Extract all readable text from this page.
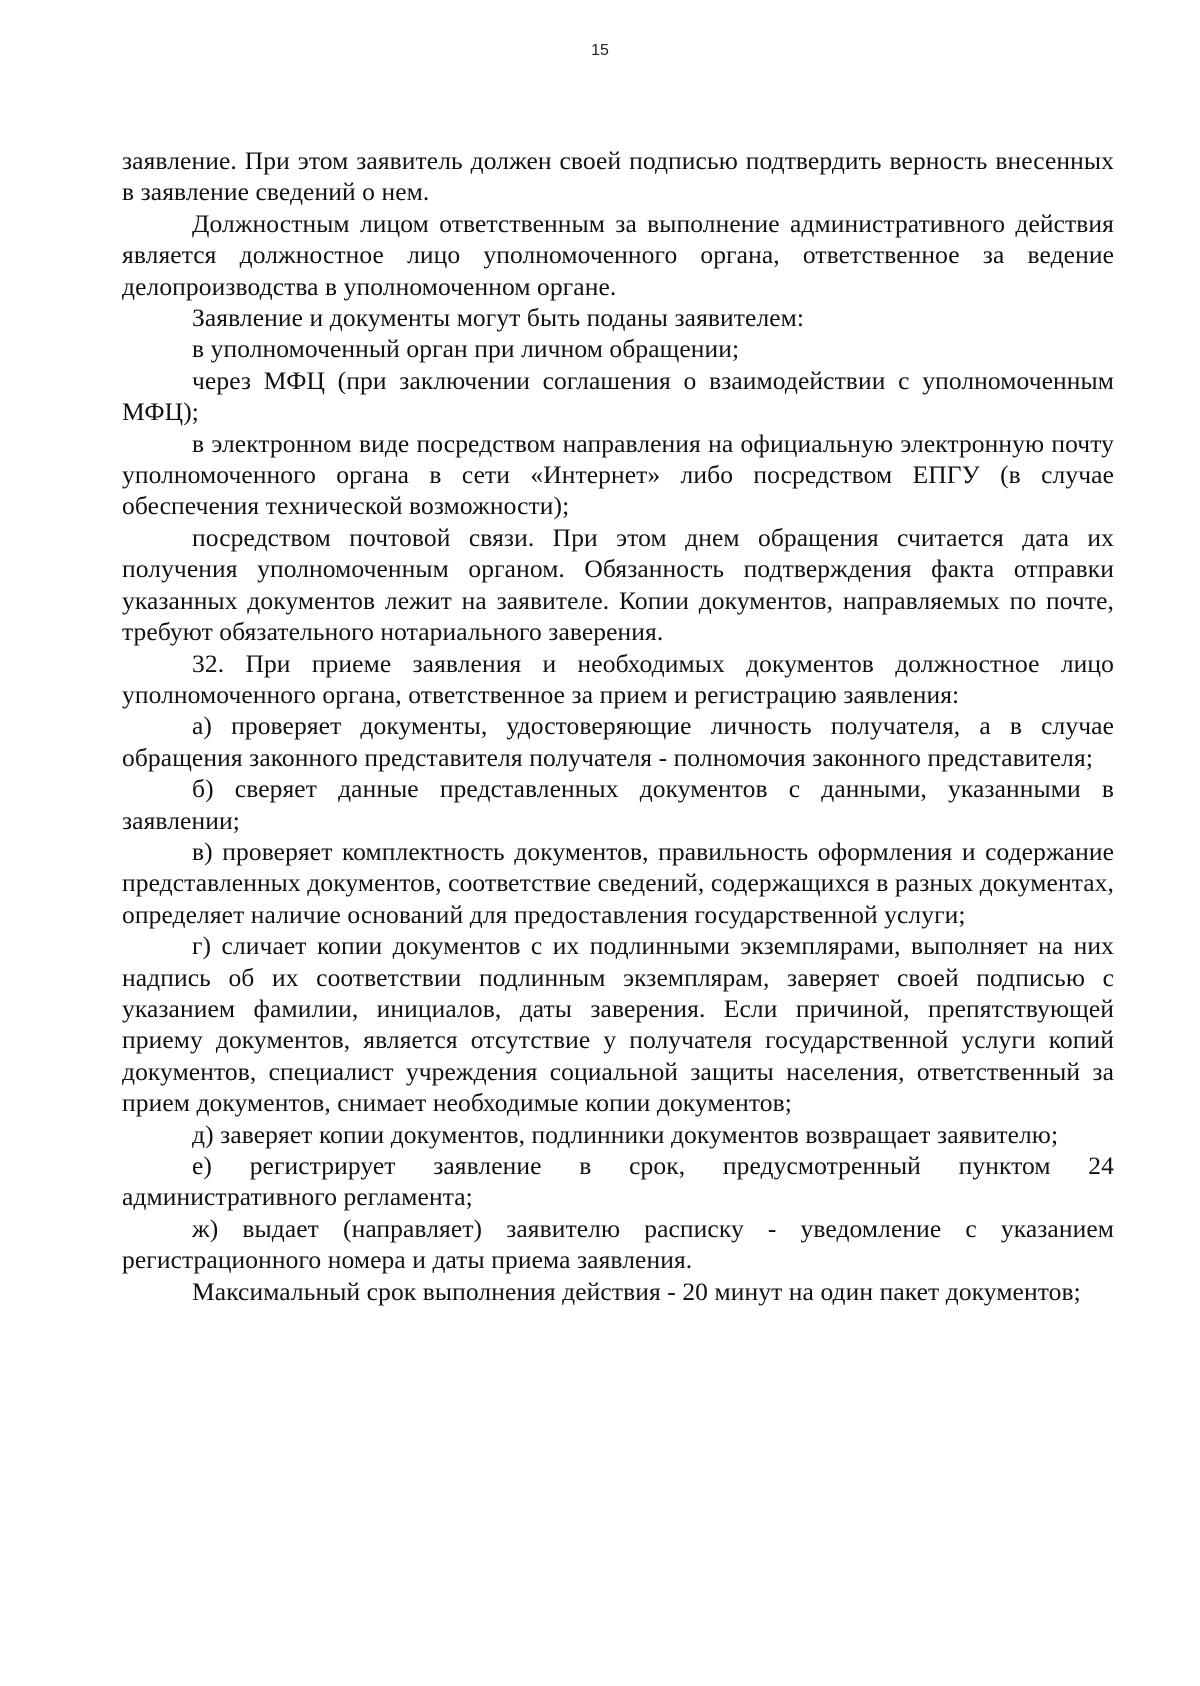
15

заявление. При этом заявитель должен своей подписью подтвердить верность внесенных в заявление сведений о нем.

Должностным лицом ответственным за выполнение административного действия является должностное лицо уполномоченного органа, ответственное за ведение делопроизводства в уполномоченном органе.

Заявление и документы могут быть поданы заявителем:

в уполномоченный орган при личном обращении;

через МФЦ (при заключении соглашения о взаимодействии с уполномоченным МФЦ);

в электронном виде посредством направления на официальную электронную почту уполномоченного органа в сети «Интернет» либо посредством ЕПГУ (в случае обеспечения технической возможности);

посредством почтовой связи. При этом днем обращения считается дата их получения уполномоченным органом. Обязанность подтверждения факта отправки указанных документов лежит на заявителе. Копии документов, направляемых по почте, требуют обязательного нотариального заверения.

32. При приеме заявления и необходимых документов должностное лицо уполномоченного органа, ответственное за прием и регистрацию заявления:

а) проверяет документы, удостоверяющие личность получателя, а в случае обращения законного представителя получателя - полномочия законного представителя;

б) сверяет данные представленных документов с данными, указанными в заявлении;

в) проверяет комплектность документов, правильность оформления и содержание представленных документов, соответствие сведений, содержащихся в разных документах, определяет наличие оснований для предоставления государственной услуги;

г) сличает копии документов с их подлинными экземплярами, выполняет на них надпись об их соответствии подлинным экземплярам, заверяет своей подписью с указанием фамилии, инициалов, даты заверения. Если причиной, препятствующей приему документов, является отсутствие у получателя государственной услуги копий документов, специалист учреждения социальной защиты населения, ответственный за прием документов, снимает необходимые копии документов;

д) заверяет копии документов, подлинники документов возвращает заявителю;

е) регистрирует заявление в срок, предусмотренный пунктом 24 административного регламента;

ж) выдает (направляет) заявителю расписку - уведомление с указанием регистрационного номера и даты приема заявления.

Максимальный срок выполнения действия - 20 минут на один пакет документов;
